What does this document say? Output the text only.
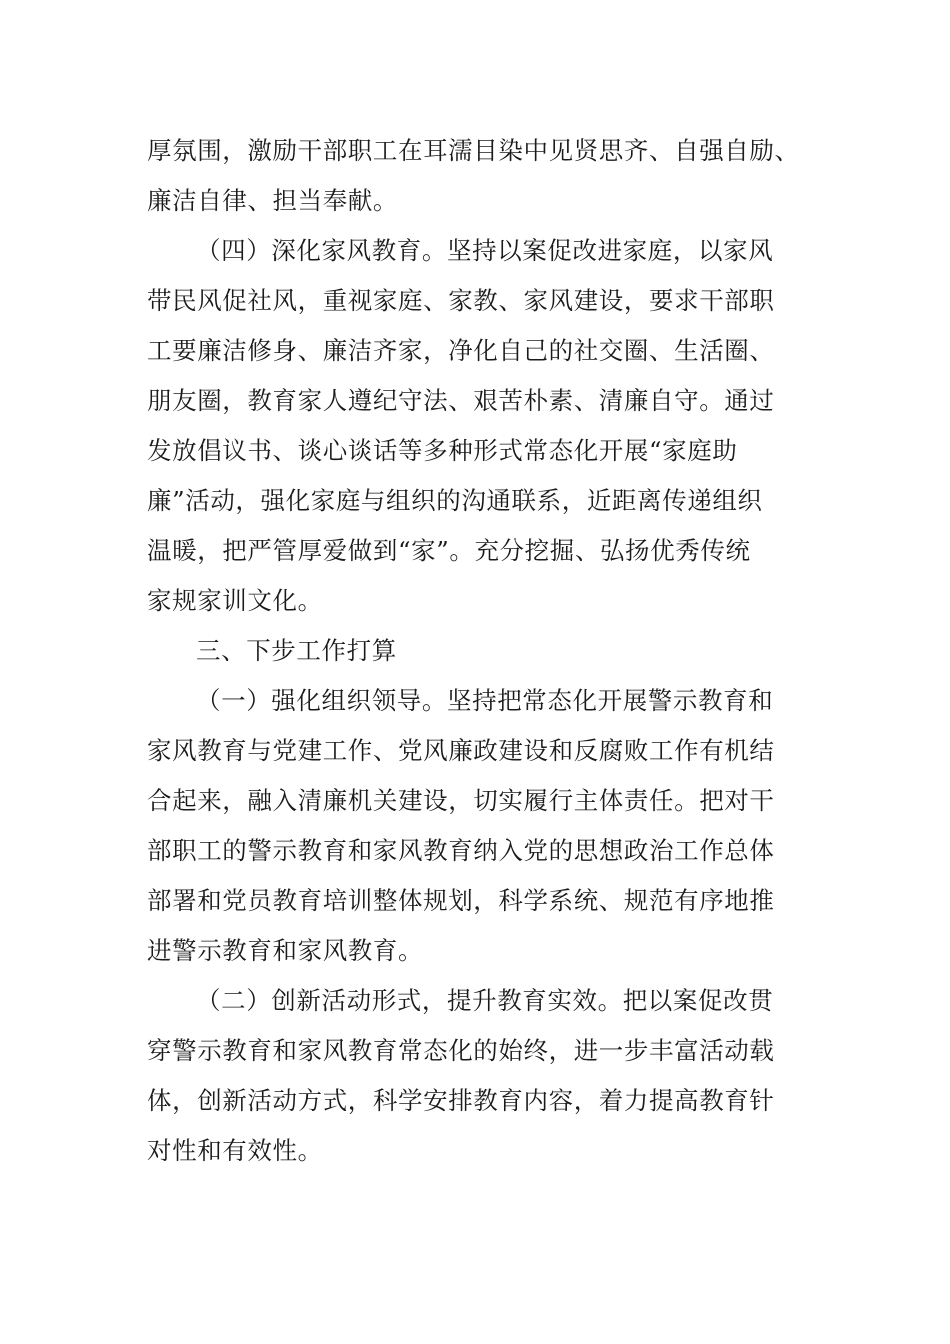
厚氛围，激励干部职工在耳濡目染中见贤思齐、自强自励、
廉洁自律、担当奉献。
（四）深化家风教育。坚持以案促改进家庭，以家风
带民风促社风，重视家庭、家教、家风建设，要求干部职
工要廉洁修身、廉洁齐家，净化自己的社交圈、生活圈、
朋友圈，教育家人遵纪守法、艰苦朴素、清廉自守。通过
发放倡议书、谈心谈话等多种形式常态化开展“家庭助
廉”活动，强化家庭与组织的沟通联系，近距离传递组织
温暖，把严管厚爱做到“家”。充分挖掘、弘扬优秀传统
家规家训文化。
三、下步工作打算
（一）强化组织领导。坚持把常态化开展警示教育和
家风教育与党建工作、党风廉政建设和反腐败工作有机结
合起来，融入清廉机关建设，切实履行主体责任。把对干
部职工的警示教育和家风教育纳入党的思想政治工作总体
部署和党员教育培训整体规划，科学系统、规范有序地推
进警示教育和家风教育。
（二）创新活动形式，提升教育实效。把以案促改贯
穿警示教育和家风教育常态化的始终，进一步丰富活动载
体，创新活动方式，科学安排教育内容，着力提高教育针
对性和有效性。
